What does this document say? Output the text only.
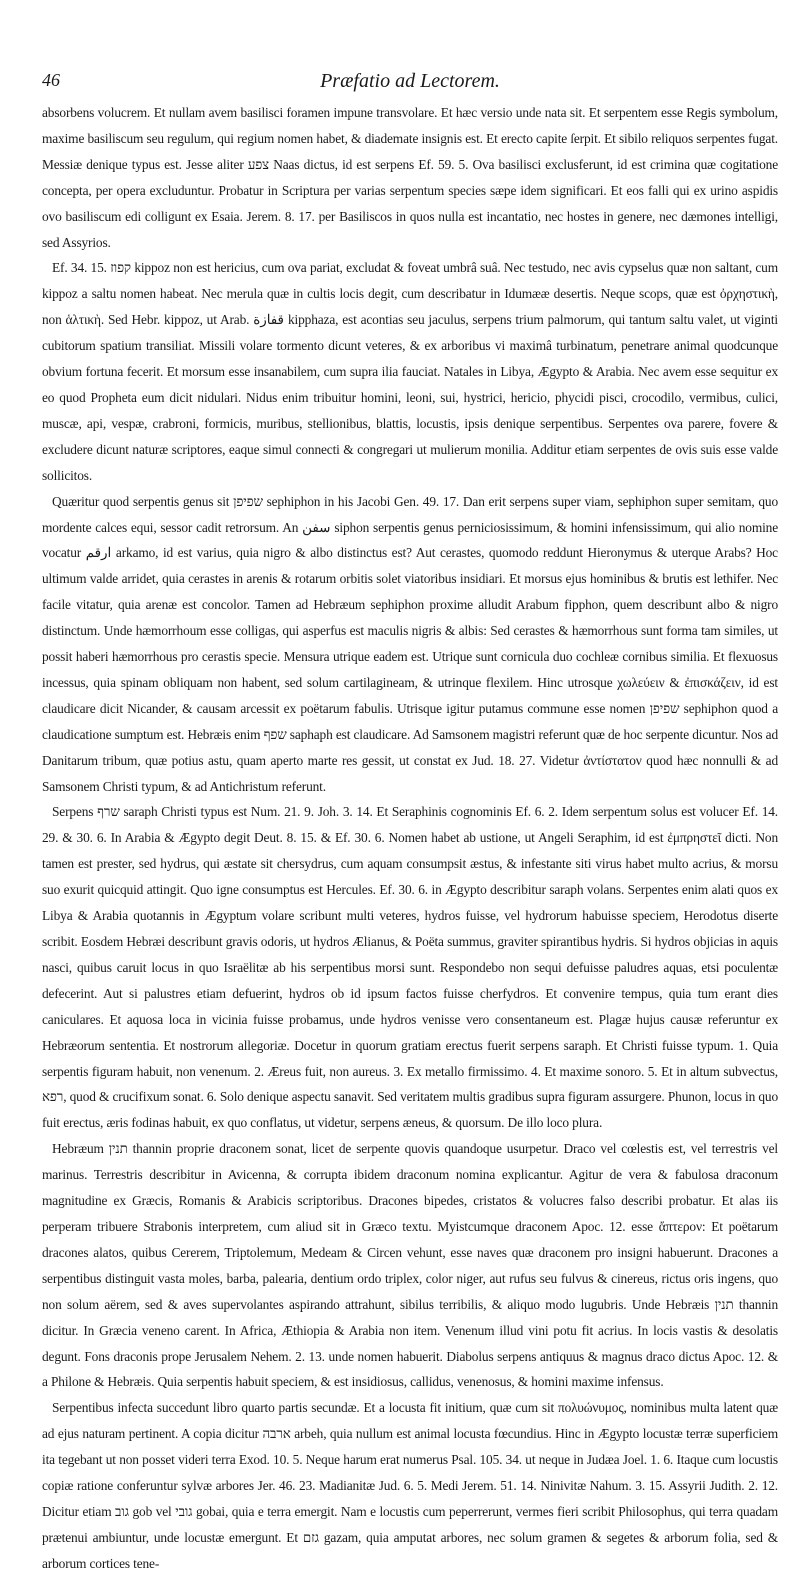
46	Præfatio ad Lectorem.

absorbens volucrem. Et nullam avem basilisci foramen impune transvolare. Et hæc versio unde nata sit. Et serpentem esse Regis symbolum, maxime basiliscum seu regulum, qui regium nomen habet, & diademate insignis est. Et erecto capite ſerpit. Et sibilo reliquos serpentes fugat. Messiæ denique typus est. Jesse aliter צפע Naas dictus, id est serpens Ef. 59. 5. Ova basilisci exclusferunt, id est crimina quæ cogitatione concepta, per opera excluduntur. Probatur in Scriptura per varias serpentum species sæpe idem significari. Et eos falli qui ex urino aspidis ovo basiliscum edi colligunt ex Esaia. Jerem. 8. 17. per Basiliscos in quos nulla est incantatio, nec hostes in genere, nec dæmones intelligi, sed Assyrios.

Ef. 34. 15. קפוז kippoz non est hericius, cum ova pariat, excludat & foveat umbrâ suâ. Nec testudo, nec avis cypselus quæ non saltant, cum kippoz a saltu nomen habeat. Nec merula quæ in cultis locis degit, cum describatur in Idumææ desertis. Neque scops, quæ est ὀρχηστικὴ, non ἁλτικὴ. Sed Hebr. kippoz, ut Arab. قفازة kipphaza, est acontias seu jaculus, serpens trium palmorum, qui tantum saltu valet, ut viginti cubitorum spatium transiliat. Missili volare tormento dicunt veteres, & ex arboribus vi maximâ turbinatum, penetrare animal quodcunque obvium fortuna fecerit. Et morsum esse insanabilem, cum supra ilia fauciat. Natales in Libya, Ægypto & Arabia. Nec avem esse sequitur ex eo quod Propheta eum dicit nidulari. Nidus enim tribuitur homini, leoni, sui, hystrici, hericio, phycidi pisci, crocodilo, vermibus, culici, muscæ, api, vespæ, crabroni, formicis, muribus, stellionibus, blattis, locustis, ipsis denique serpentibus. Serpentes ova parere, fovere & excludere dicunt naturæ scriptores, eaque simul connecti & congregari ut mulierum monilia. Additur etiam serpentes de ovis suis esse valde sollicitos.

Quæritur quod serpentis genus sit שפיפן sephiphon in his Jacobi Gen. 49. 17. Dan erit serpens super viam, sephiphon super semitam, quo mordente calces equi, sessor cadit retrorsum. An سفن siphon serpentis genus perniciosissimum, & homini infensissimum, qui alio nomine vocatur ارقم arkamo, id est varius, quia nigro & albo distinctus est? Aut cerastes, quomodo reddunt Hieronymus & uterque Arabs? Hoc ultimum valde arridet, quia cerastes in arenis & rotarum orbitis solet viatoribus insidiari. Et morsus ejus hominibus & brutis est lethifer. Nec facile vitatur, quia arenæ est concolor. Tamen ad Hebræum sephiphon proxime alludit Arabum fipphon, quem describunt albo & nigro distinctum. Unde hæmorrhoum esse colligas, qui asperfus est maculis nigris & albis: Sed cerastes & hæmorrhous sunt forma tam similes, ut possit haberi hæmorrhous pro cerastis specie. Mensura utrique eadem est. Utrique sunt cornicula duo cochleæ cornibus similia. Et flexuosus incessus, quia spinam obliquam non habent, sed solum cartilagineam, & utrinque flexilem. Hinc utrosque χωλεύειν & ἐπισκάζειν, id est claudicare dicit Nicander, & causam arcessit ex poëtarum fabulis. Utrisque igitur putamus commune esse nomen שפיפן sephiphon quod a claudicatione sumptum est. Hebræis enim שפף saphaph est claudicare. Ad Samsonem magistri referunt quæ de hoc serpente dicuntur. Nos ad Danitarum tribum, quæ potius astu, quam aperto marte res gessit, ut constat ex Jud. 18. 27. Videtur ἀντίστατον quod hæc nonnulli & ad Samsonem Christi typum, & ad Antichristum referunt.

Serpens שרף saraph Christi typus est Num. 21. 9. Joh. 3. 14. Et Seraphinis cognominis Ef. 6. 2. Idem serpentum solus est volucer Ef. 14. 29. & 30. 6. In Arabia & Ægypto degit Deut. 8. 15. & Ef. 30. 6. Nomen habet ab ustione, ut Angeli Seraphim, id est ἐμπρηστεῖ dicti. Non tamen est prester, sed hydrus, qui æstate sit chersydrus, cum aquam consumpsit æstus, & infestante siti virus habet multo acrius, & morsu suo exurit quicquid attingit. Quo igne consumptus est Hercules. Ef. 30. 6. in Ægypto describitur saraph volans. Serpentes enim alati quos ex Libya & Arabia quotannis in Ægyptum volare scribunt multi veteres, hydros fuisse, vel hydrorum habuisse speciem, Herodotus diserte scribit. Eosdem Hebræi describunt gravis odoris, ut hydros Ælianus, & Poëta summus, graviter spirantibus hydris. Si hydros objicias in aquis nasci, quibus caruit locus in quo Israëlitæ ab his serpentibus morsi sunt. Respondebo non sequi defuisse paludres aquas, etsi poculentæ defecerint. Aut si palustres etiam defuerint, hydros ob id ipsum factos fuisse cherfydros. Et convenire tempus, quia tum erant dies caniculares. Et aquosa loca in vicinia fuisse probamus, unde hydros venisse vero consentaneum est. Plagæ hujus causæ referuntur ex Hebræorum sententia. Et nostrorum allegoriæ. Docetur in quorum gratiam erectus fuerit serpens saraph. Et Christi fuisse typum. 1. Quia serpentis figuram habuit, non venenum. 2. Æreus fuit, non aureus. 3. Ex metallo firmissimo. 4. Et maxime sonoro. 5. Et in altum subvectus, רפא, quod & crucifixum sonat. 6. Solo denique aspectu sanavit. Sed veritatem multis gradibus supra figuram assurgere. Phunon, locus in quo fuit erectus, æris fodinas habuit, ex quo conflatus, ut videtur, serpens æneus, & quorsum. De illo loco plura.

Hebræum תנין thannin proprie draconem sonat, licet de serpente quovis quandoque usurpetur. Draco vel cœlestis est, vel terrestris vel marinus. Terrestris describitur in Avicenna, & corrupta ibidem draconum nomina explicantur. Agitur de vera & fabulosa draconum magnitudine ex Græcis, Romanis & Arabicis scriptoribus. Dracones bipedes, cristatos & volucres falso describi probatur. Et alas iis perperam tribuere Strabonis interpretem, cum aliud sit in Græco textu. Myistcumque draconem Apoc. 12. esse ἄπτερον: Et poëtarum dracones alatos, quibus Cererem, Triptolemum, Medeam & Circen vehunt, esse naves quæ draconem pro insigni habuerunt. Dracones a serpentibus distinguit vasta moles, barba, palearia, dentium ordo triplex, color niger, aut rufus seu fulvus & cinereus, rictus oris ingens, quo non solum aërem, sed & aves supervolantes aspirando attrahunt, sibilus terribilis, & aliquo modo lugubris. Unde Hebræis תנין thannin dicitur. In Græcia veneno carent. In Africa, Æthiopia & Arabia non item. Venenum illud vini potu fit acrius. In locis vastis & desolatis degunt. Fons draconis prope Jerusalem Nehem. 2. 13. unde nomen habuerit. Diabolus serpens antiquus & magnus draco dictus Apoc. 12. & a Philone & Hebræis. Quia serpentis habuit speciem, & est insidiosus, callidus, venenosus, & homini maxime infensus.

Serpentibus infecta succedunt libro quarto partis secundæ. Et a locusta fit initium, quæ cum sit πολυώνυμος, nominibus multa latent quæ ad ejus naturam pertinent. A copia dicitur ארבה arbeh, quia nullum est animal locusta fœcundius. Hinc in Ægypto locustæ terræ superficiem ita tegebant ut non posset videri terra Exod. 10. 5. Neque harum erat numerus Psal. 105. 34. ut neque in Judæa Joel. 1. 6. Itaque cum locustis copiæ ratione conferuntur sylvæ arbores Jer. 46. 23. Madianitæ Jud. 6. 5. Medi Jerem. 51. 14. Ninivitæ Nahum. 3. 15. Assyrii Judith. 2. 12. Dicitur etiam גוב gob vel גובי gobai, quia e terra emergit. Nam e locustis cum peperrerunt, vermes fieri scribit Philosophus, qui terra quadam prætenui ambiuntur, unde locustæ emergunt. Et גזם gazam, quia amputat arbores, nec solum gramen & segetes & arborum folia, sed & arborum cortices tene-
